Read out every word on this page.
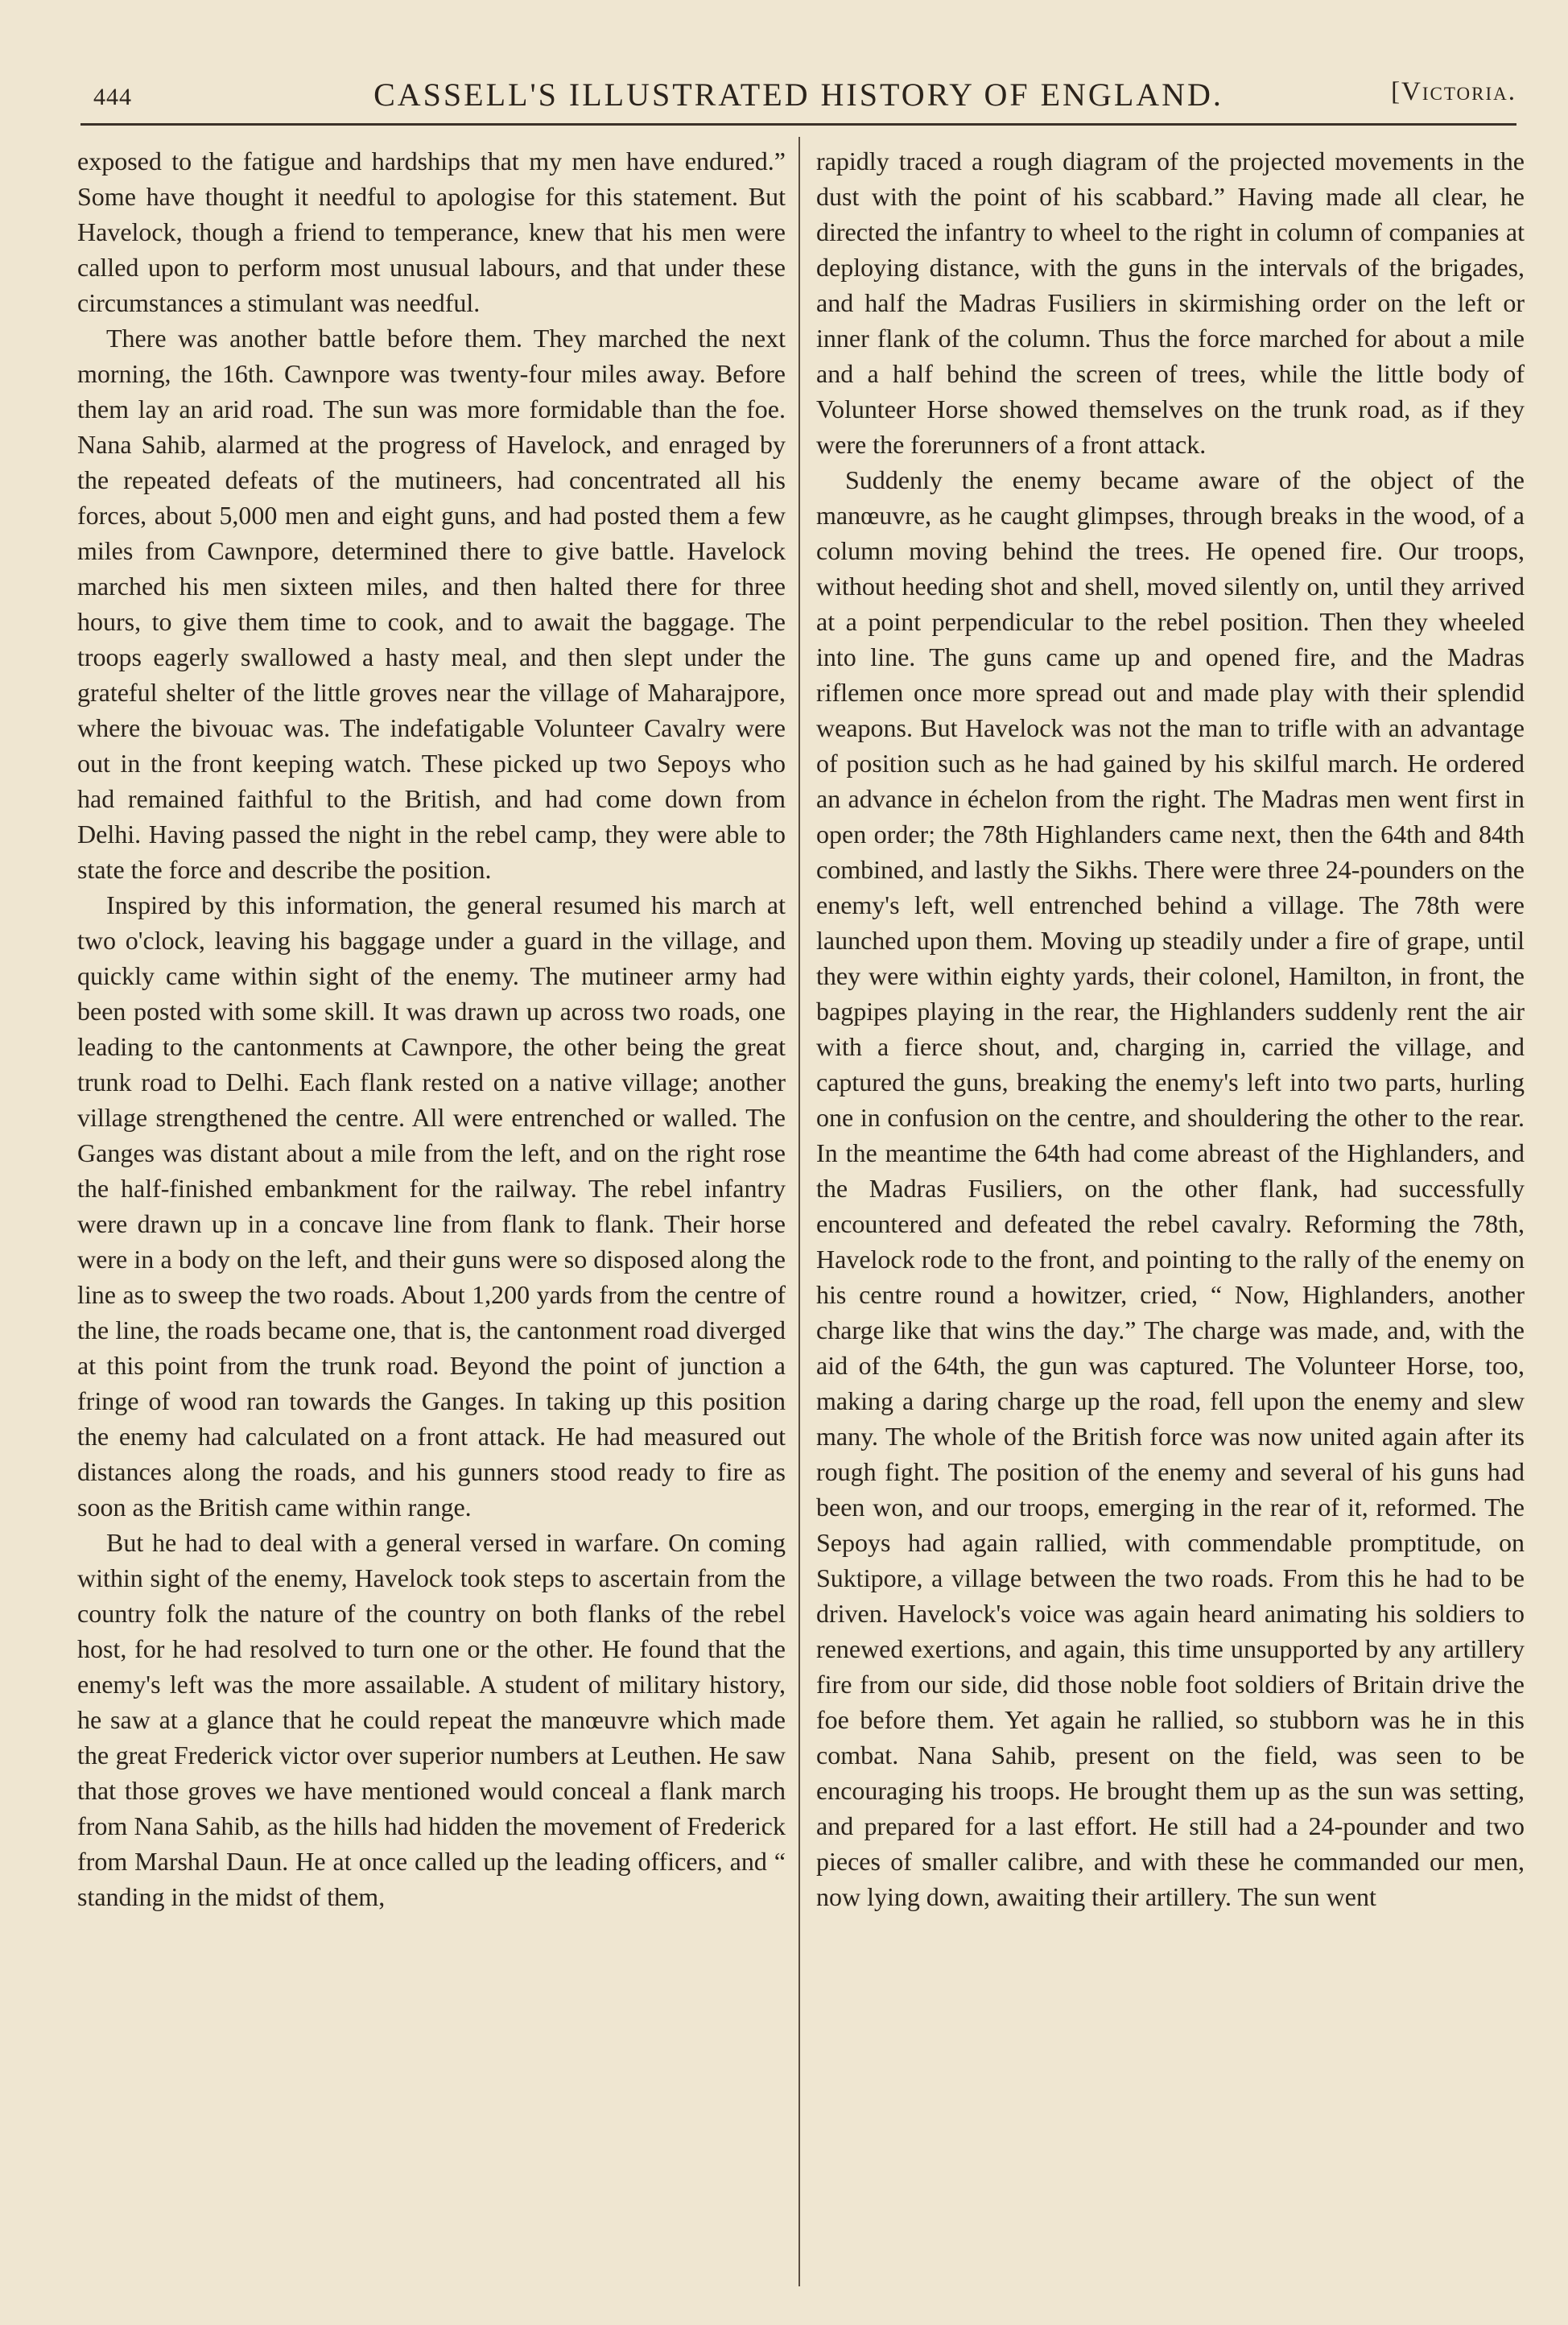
444	CASSELL'S ILLUSTRATED HISTORY OF ENGLAND.	[Victoria.

exposed to the fatigue and hardships that my men have endured.” Some have thought it needful to apologise for this statement. But Havelock, though a friend to temperance, knew that his men were called upon to perform most unusual labours, and that under these circumstances a stimulant was needful.

There was another battle before them. They marched the next morning, the 16th. Cawnpore was twenty-four miles away. Before them lay an arid road. The sun was more formidable than the foe. Nana Sahib, alarmed at the progress of Havelock, and enraged by the repeated defeats of the mutineers, had concentrated all his forces, about 5,000 men and eight guns, and had posted them a few miles from Cawnpore, determined there to give battle. Havelock marched his men sixteen miles, and then halted there for three hours, to give them time to cook, and to await the baggage. The troops eagerly swallowed a hasty meal, and then slept under the grateful shelter of the little groves near the village of Maharajpore, where the bivouac was. The indefatigable Volunteer Cavalry were out in the front keeping watch. These picked up two Sepoys who had remained faithful to the British, and had come down from Delhi. Having passed the night in the rebel camp, they were able to state the force and describe the position.

Inspired by this information, the general resumed his march at two o'clock, leaving his baggage under a guard in the village, and quickly came within sight of the enemy. The mutineer army had been posted with some skill. It was drawn up across two roads, one leading to the cantonments at Cawnpore, the other being the great trunk road to Delhi. Each flank rested on a native village; another village strengthened the centre. All were entrenched or walled. The Ganges was distant about a mile from the left, and on the right rose the half-finished embankment for the railway. The rebel infantry were drawn up in a concave line from flank to flank. Their horse were in a body on the left, and their guns were so disposed along the line as to sweep the two roads. About 1,200 yards from the centre of the line, the roads became one, that is, the cantonment road diverged at this point from the trunk road. Beyond the point of junction a fringe of wood ran towards the Ganges. In taking up this position the enemy had calculated on a front attack. He had measured out distances along the roads, and his gunners stood ready to fire as soon as the British came within range.

But he had to deal with a general versed in warfare. On coming within sight of the enemy, Havelock took steps to ascertain from the country folk the nature of the country on both flanks of the rebel host, for he had resolved to turn one or the other. He found that the enemy's left was the more assailable. A student of military history, he saw at a glance that he could repeat the manœuvre which made the great Frederick victor over superior numbers at Leuthen. He saw that those groves we have mentioned would conceal a flank march from Nana Sahib, as the hills had hidden the movement of Frederick from Marshal Daun. He at once called up the leading officers, and “ standing in the midst of them,

rapidly traced a rough diagram of the projected movements in the dust with the point of his scabbard.” Having made all clear, he directed the infantry to wheel to the right in column of companies at deploying distance, with the guns in the intervals of the brigades, and half the Madras Fusiliers in skirmishing order on the left or inner flank of the column. Thus the force marched for about a mile and a half behind the screen of trees, while the little body of Volunteer Horse showed themselves on the trunk road, as if they were the forerunners of a front attack.

Suddenly the enemy became aware of the object of the manœuvre, as he caught glimpses, through breaks in the wood, of a column moving behind the trees. He opened fire. Our troops, without heeding shot and shell, moved silently on, until they arrived at a point perpendicular to the rebel position. Then they wheeled into line. The guns came up and opened fire, and the Madras riflemen once more spread out and made play with their splendid weapons. But Havelock was not the man to trifle with an advantage of position such as he had gained by his skilful march. He ordered an advance in échelon from the right. The Madras men went first in open order; the 78th Highlanders came next, then the 64th and 84th combined, and lastly the Sikhs. There were three 24-pounders on the enemy's left, well entrenched behind a village. The 78th were launched upon them. Moving up steadily under a fire of grape, until they were within eighty yards, their colonel, Hamilton, in front, the bagpipes playing in the rear, the Highlanders suddenly rent the air with a fierce shout, and, charging in, carried the village, and captured the guns, breaking the enemy's left into two parts, hurling one in confusion on the centre, and shouldering the other to the rear. In the meantime the 64th had come abreast of the Highlanders, and the Madras Fusiliers, on the other flank, had successfully encountered and defeated the rebel cavalry. Reforming the 78th, Havelock rode to the front, and pointing to the rally of the enemy on his centre round a howitzer, cried, “ Now, Highlanders, another charge like that wins the day.” The charge was made, and, with the aid of the 64th, the gun was captured. The Volunteer Horse, too, making a daring charge up the road, fell upon the enemy and slew many. The whole of the British force was now united again after its rough fight. The position of the enemy and several of his guns had been won, and our troops, emerging in the rear of it, reformed. The Sepoys had again rallied, with commendable promptitude, on Suktipore, a village between the two roads. From this he had to be driven. Havelock's voice was again heard animating his soldiers to renewed exertions, and again, this time unsupported by any artillery fire from our side, did those noble foot soldiers of Britain drive the foe before them. Yet again he rallied, so stubborn was he in this combat. Nana Sahib, present on the field, was seen to be encouraging his troops. He brought them up as the sun was setting, and prepared for a last effort. He still had a 24-pounder and two pieces of smaller calibre, and with these he commanded our men, now lying down, awaiting their artillery. The sun went
